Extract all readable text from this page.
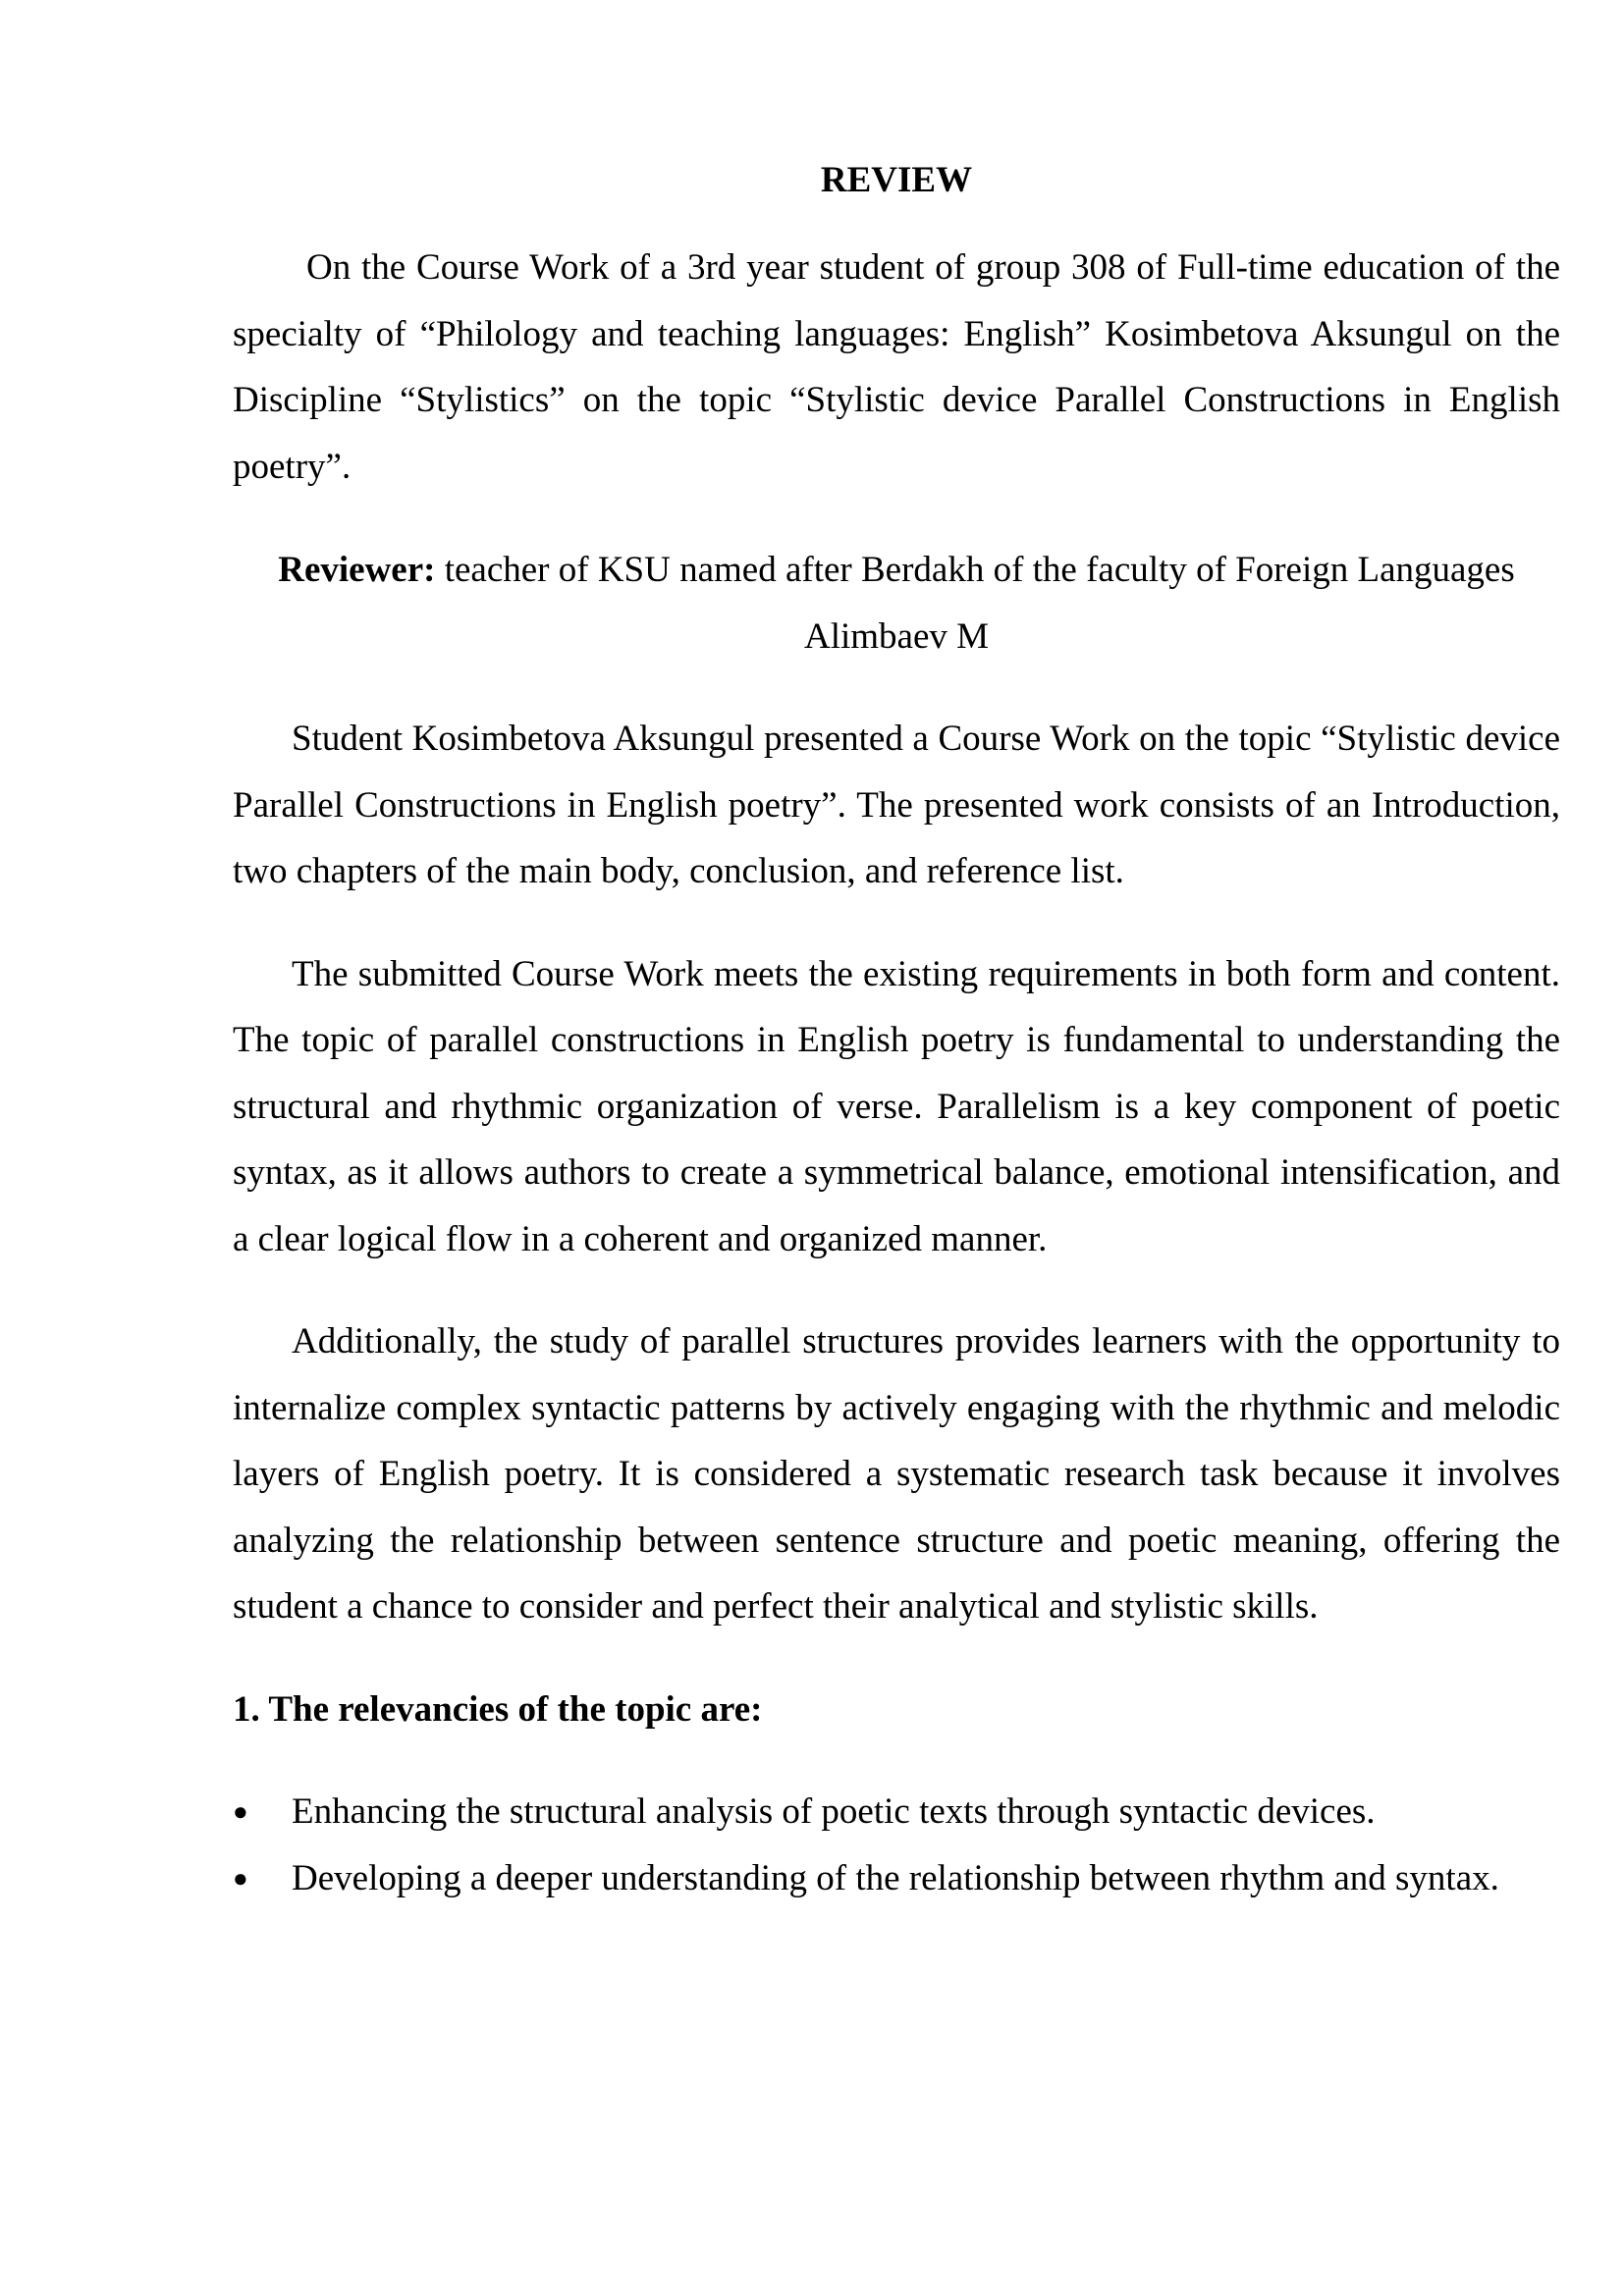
REVIEW

On the Course Work of a 3rd year student of group 308 of Full-time education of the specialty of “Philology and teaching languages: English” Kosimbetova Aksungul on the Discipline “Stylistics” on the topic “Stylistic device Parallel Constructions in English poetry”.

Reviewer: teacher of KSU named after Berdakh of the faculty of Foreign Languages
Alimbaev M

Student Kosimbetova Aksungul presented a Course Work on the topic “Stylistic device Parallel Constructions in English poetry”. The presented work consists of an Introduction, two chapters of the main body, conclusion, and reference list.

The submitted Course Work meets the existing requirements in both form and content. The topic of parallel constructions in English poetry is fundamental to understanding the structural and rhythmic organization of verse. Parallelism is a key component of poetic syntax, as it allows authors to create a symmetrical balance, emotional intensification, and a clear logical flow in a coherent and organized manner.

Additionally, the study of parallel structures provides learners with the opportunity to internalize complex syntactic patterns by actively engaging with the rhythmic and melodic layers of English poetry. It is considered a systematic research task because it involves analyzing the relationship between sentence structure and poetic meaning, offering the student a chance to consider and perfect their analytical and stylistic skills.

1. The relevancies of the topic are:

●	Enhancing the structural analysis of poetic texts through syntactic devices.
●	Developing a deeper understanding of the relationship between rhythm and syntax.
